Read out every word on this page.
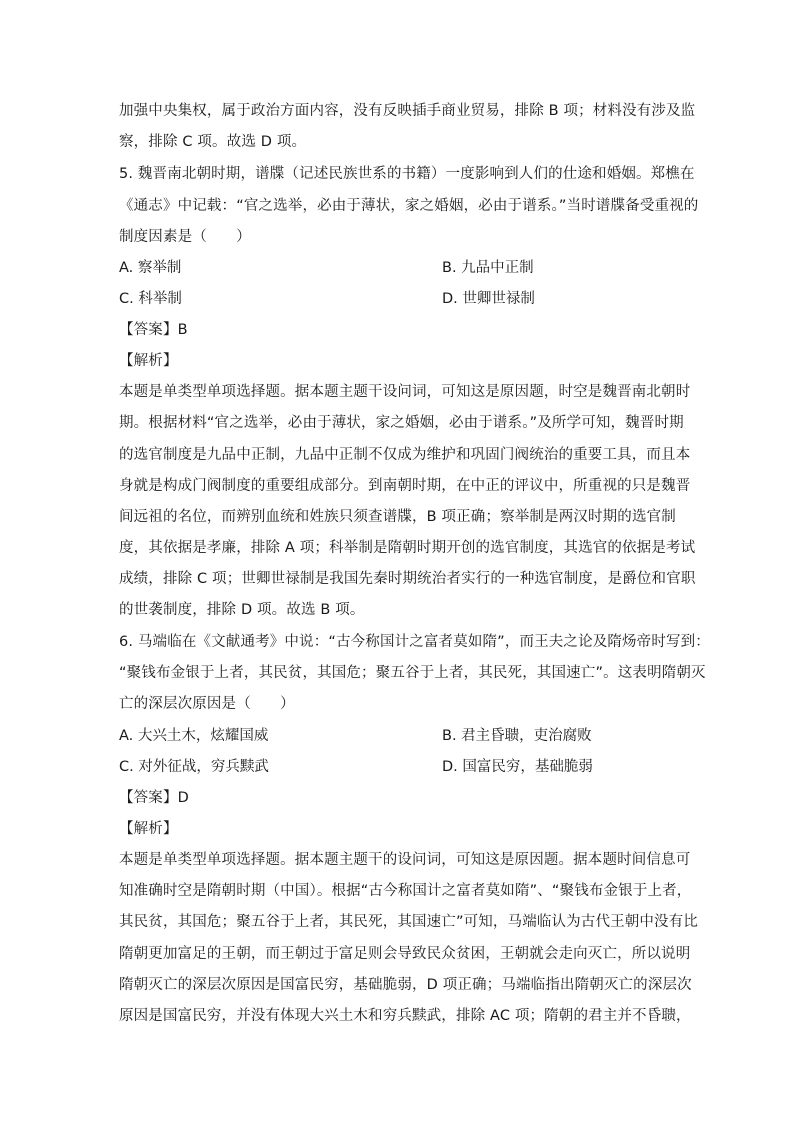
加强中央集权，属于政治方面内容，没有反映插手商业贸易，排除 B 项；材料没有涉及监
察，排除 C 项。故选 D 项。
5. 魏晋南北朝时期，谱牒（记述民族世系的书籍）一度影响到人们的仕途和婚姻。郑樵在
《通志》中记载：“官之选举，必由于薄状，家之婚姻，必由于谱系。”当时谱牒备受重视的
制度因素是（　　）
A. 察举制	B. 九品中正制
C. 科举制	D. 世卿世禄制
【答案】B
【解析】
本题是单类型单项选择题。据本题主题干设问词，可知这是原因题，时空是魏晋南北朝时
期。根据材料“官之选举，必由于薄状，家之婚姻，必由于谱系。”及所学可知，魏晋时期
的选官制度是九品中正制，九品中正制不仅成为维护和巩固门阀统治的重要工具，而且本
身就是构成门阀制度的重要组成部分。到南朝时期，在中正的评议中，所重视的只是魏晋
间远祖的名位，而辨别血统和姓族只须查谱牒，B 项正确；察举制是两汉时期的选官制
度，其依据是孝廉，排除 A 项；科举制是隋朝时期开创的选官制度，其选官的依据是考试
成绩，排除 C 项；世卿世禄制是我国先秦时期统治者实行的一种选官制度，是爵位和官职
的世袭制度，排除 D 项。故选 B 项。
6. 马端临在《文献通考》中说：“古今称国计之富者莫如隋”，而王夫之论及隋炀帝时写到：
“聚钱布金银于上者，其民贫，其国危；聚五谷于上者，其民死，其国速亡”。这表明隋朝灭
亡的深层次原因是（　　）
A. 大兴土木，炫耀国威	B. 君主昏聩，吏治腐败
C. 对外征战，穷兵黩武	D. 国富民穷，基础脆弱
【答案】D
【解析】
本题是单类型单项选择题。据本题主题干的设问词，可知这是原因题。据本题时间信息可
知准确时空是隋朝时期（中国）。根据“古今称国计之富者莫如隋”、“聚钱布金银于上者，
其民贫，其国危；聚五谷于上者，其民死，其国速亡”可知，马端临认为古代王朝中没有比
隋朝更加富足的王朝，而王朝过于富足则会导致民众贫困，王朝就会走向灭亡，所以说明
隋朝灭亡的深层次原因是国富民穷，基础脆弱，D 项正确；马端临指出隋朝灭亡的深层次
原因是国富民穷，并没有体现大兴土木和穷兵黩武，排除 AC 项；隋朝的君主并不昏聩，
